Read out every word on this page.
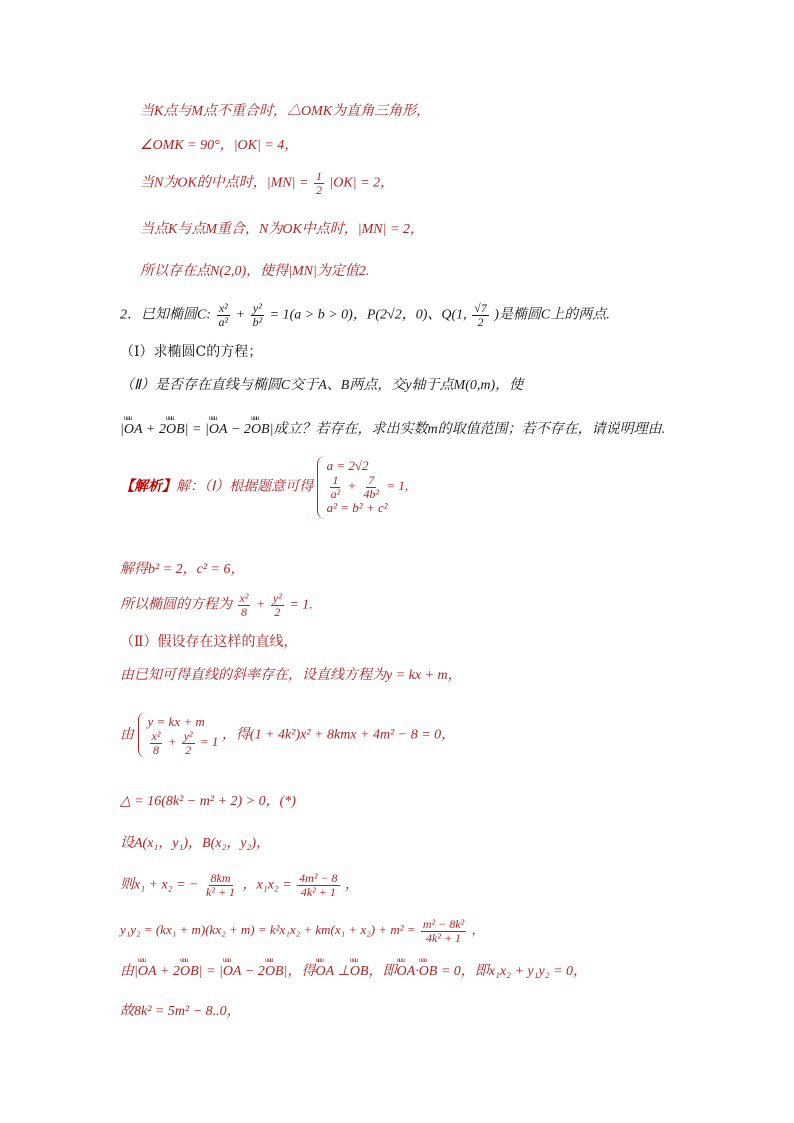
当K点与M点不重合时，△OMK为直角三角形，
∠OMK = 90°，|OK| = 4，
当N为OK的中点时，$|MN| = \frac{1}{2} |OK| = 2$，
当点K与点M重合，N为OK中点时，|MN| = 2，
所以存在点N(2,0)，使得|MN|为定值2.
2．已知椭圆C: $\frac{\text{x²}}{\text{a²}} + \frac{\text{y²}}{\text{b²}} = 1(a > b > 0)$，P(2√2，0)、Q(1, $\frac{√7}{2}$ )是椭圆C上的两点.
（Ⅰ）求椭圆C的方程；
（Ⅱ）是否存在直线与椭圆C交于A、B两点，交y轴于点M(0,m)，使
|uuu OA + 2uuu OB| = |uuu OA − 2uuu OB|成立？若存在，求出实数m的取值范围；若不存在，请说明理由.
【解析】解：（Ⅰ）根据题意可得
a = 2√2
$\frac{1}{\text{a²}} + \frac{7}{\text{4b²}} = 1$,
a² = b² + c²
解得b² = 2，c² = 6，
所以椭圆的方程为 $\frac{\text{x²}}{8} + \frac{\text{y²}}{2} = 1$.
（Ⅱ）假设存在这样的直线，
由已知可得直线的斜率存在，设直线方程为y = kx + m，
由
y = kx + m
$\frac{\text{x²}}{8} + \frac{\text{y²}}{2} = 1$ ，得(1 + 4k²)x² + 8kmx + 4m² − 8 = 0，
△ = 16(8k² − m² + 2) > 0，(*)
设A(x₁，y₁)，B(x₂，y₂)，
则x₁ + x₂ = − $\frac{8km}{\text{k² + 1}}$ ，$x_1x_2 = \frac{\text{4m² − 8}}{\text{4k² + 1}}$ ，
$y_1y_2 = (kx_1 + m)(kx_2 + m) = k^2x_1x_2 + km(x_1 + x_2) + m^2 = \frac{\text{m² − 8k²}}{\text{4k² + 1}}$ ，
由|uuu OA + 2uuu OB| = |uuu OA − 2uuu OB|，得uuu OA ⊥uuu OB，即uuu OA·uuu OB = 0，即x₁x₂ + y₁y₂ = 0，
故8k² = 5m² − 8..0，
